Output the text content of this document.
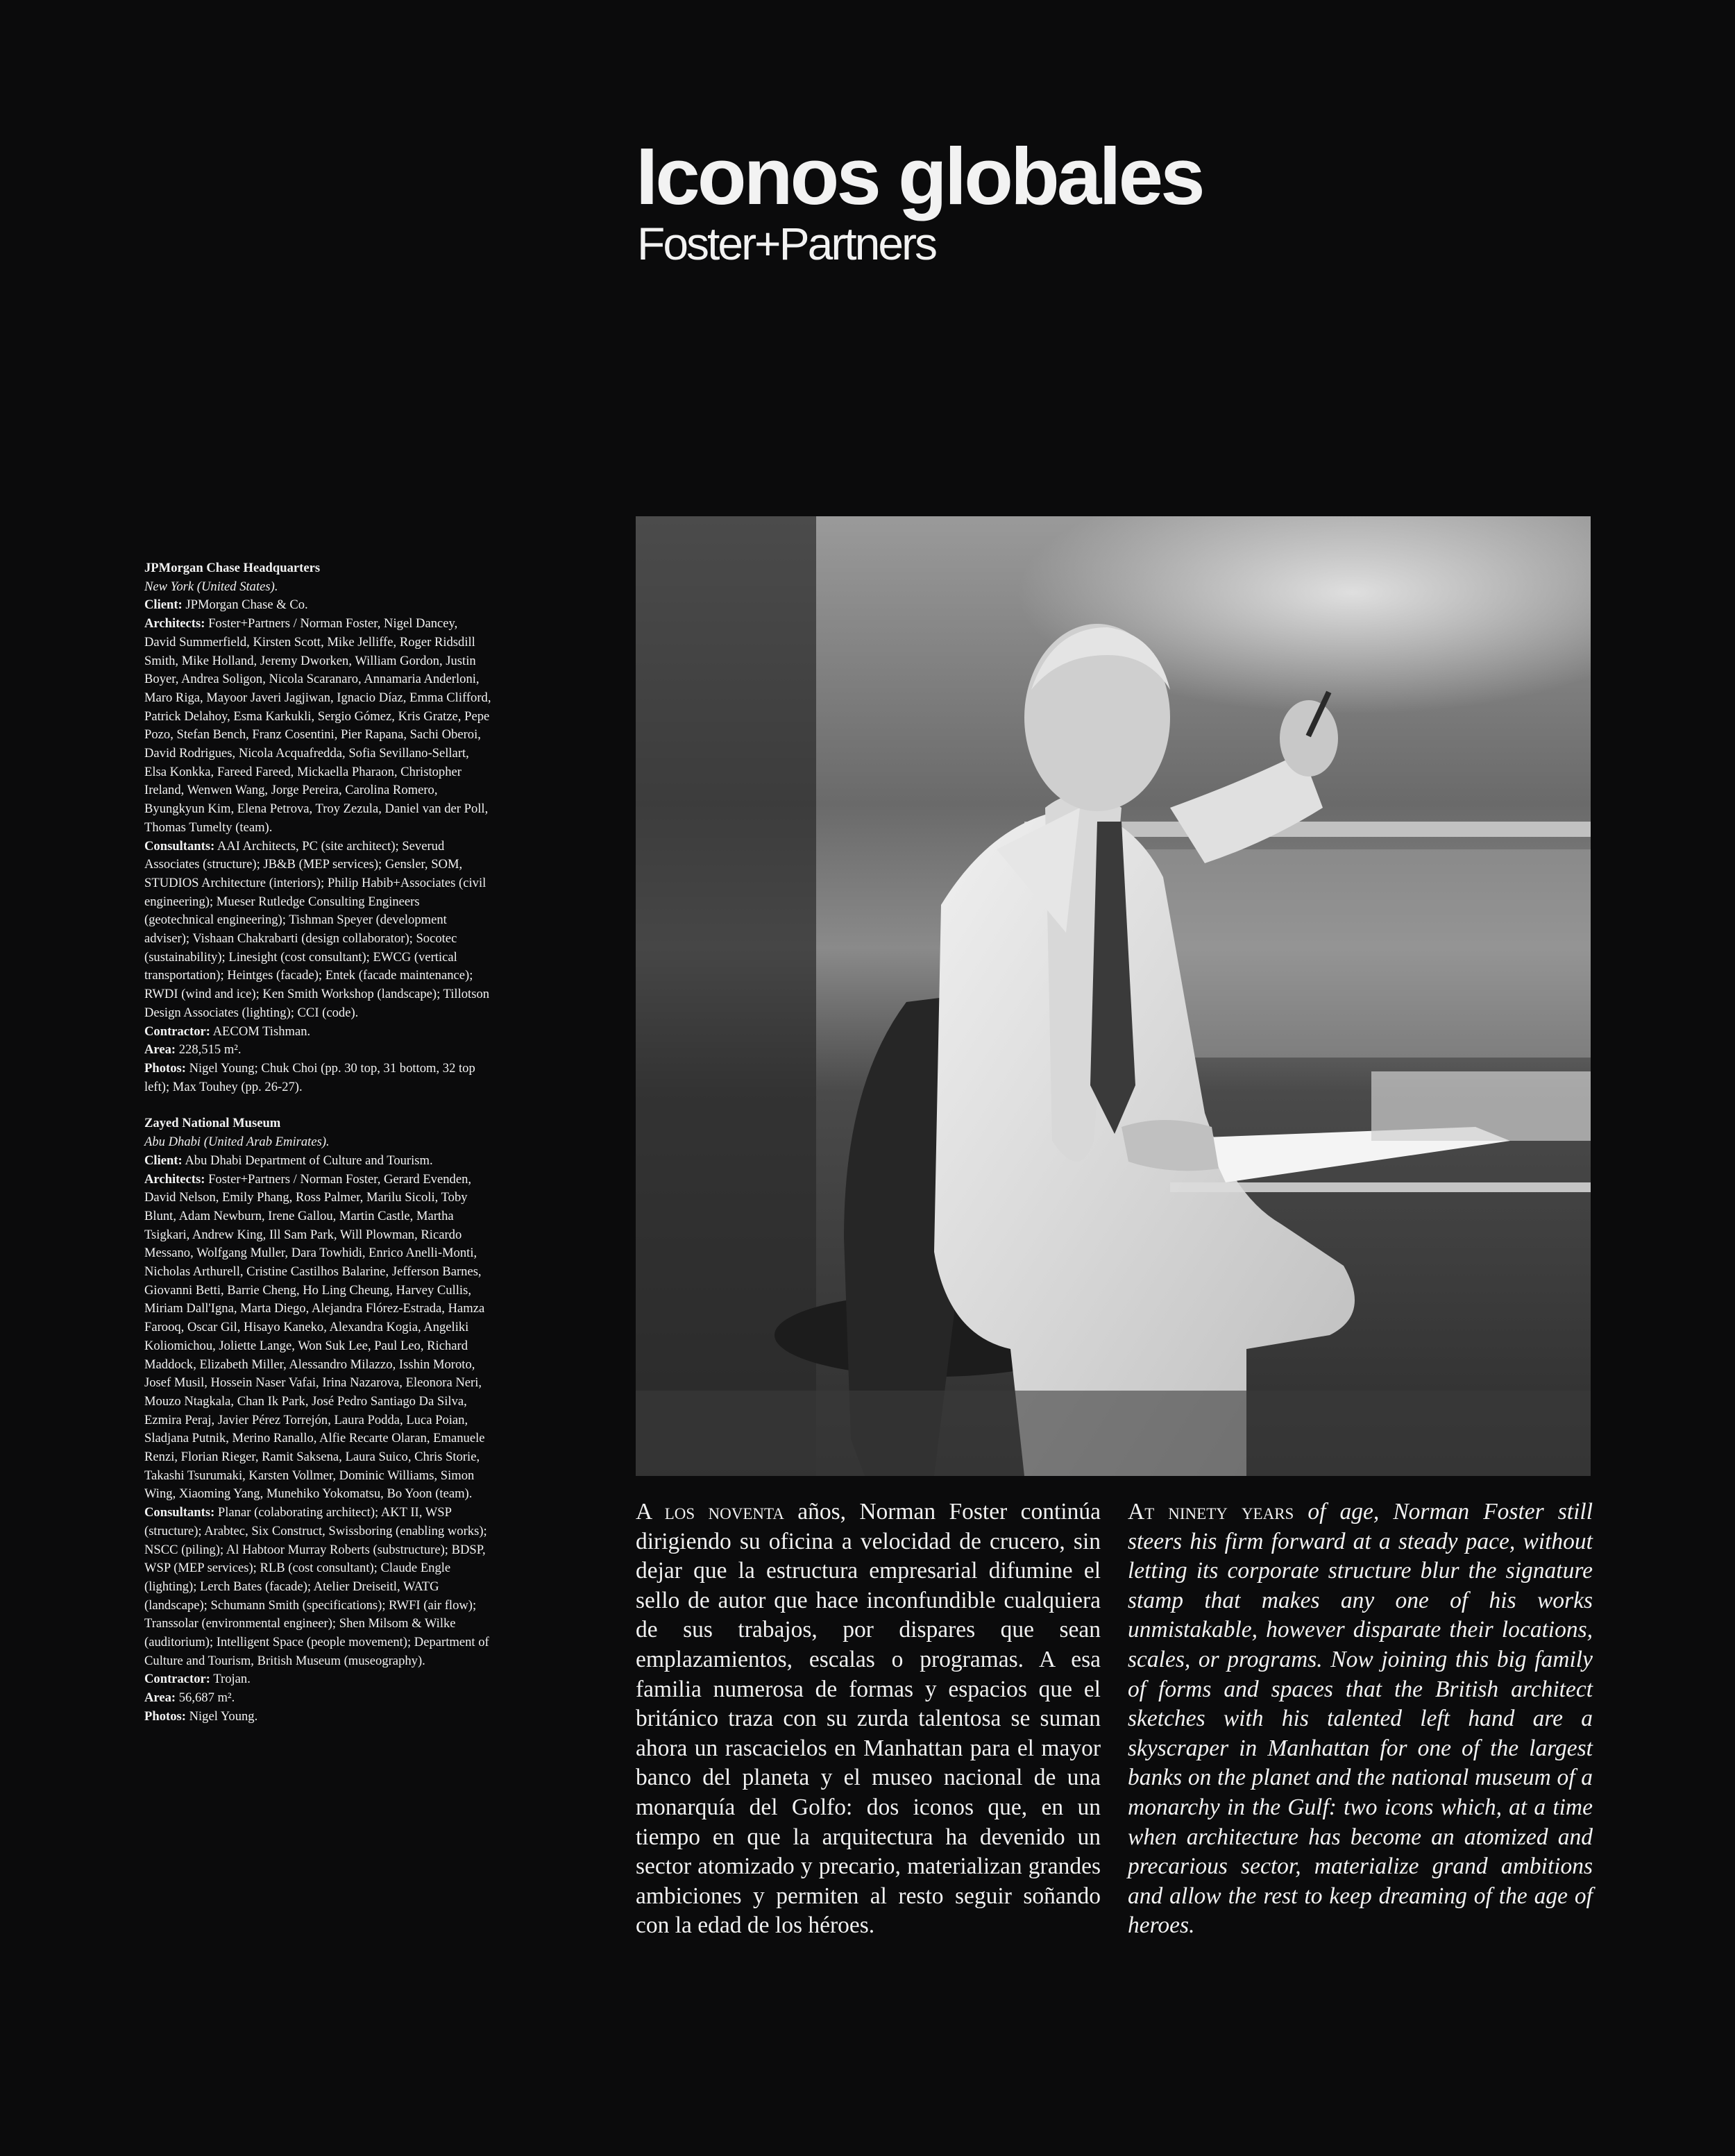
Iconos globales
Foster+Partners

JPMorgan Chase Headquarters

New York (United States).

Client: JPMorgan Chase & Co.

Architects: Foster+Partners / Norman Foster, Nigel Dancey, David Summerfield, Kirsten Scott, Mike Jelliffe, Roger Ridsdill Smith, Mike Holland, Jeremy Dworken, William Gordon, Justin Boyer, Andrea Soligon, Nicola Scaranaro, Annamaria Anderloni, Maro Riga, Mayoor Javeri Jagjiwan, Ignacio Díaz, Emma Clifford, Patrick Delahoy, Esma Karkukli, Sergio Gómez, Kris Gratze, Pepe Pozo, Stefan Bench, Franz Cosentini, Pier Rapana, Sachi Oberoi, David Rodrigues, Nicola Acquafredda, Sofia Sevillano-Sellart, Elsa Konkka, Fareed Fareed, Mickaella Pharaon, Christopher Ireland, Wenwen Wang, Jorge Pereira, Carolina Romero, Byungkyun Kim, Elena Petrova, Troy Zezula, Daniel van der Poll, Thomas Tumelty (team).

Consultants: AAI Architects, PC (site architect); Severud Associates (structure); JB&B (MEP services); Gensler, SOM, STUDIOS Architecture (interiors); Philip Habib+Associates (civil engineering); Mueser Rutledge Consulting Engineers (geotechnical engineering); Tishman Speyer (development adviser); Vishaan Chakrabarti (design collaborator); Socotec (sustainability); Linesight (cost consultant); EWCG (vertical transportation); Heintges (facade); Entek (facade maintenance); RWDI (wind and ice); Ken Smith Workshop (landscape); Tillotson Design Associates (lighting); CCI (code).

Contractor: AECOM Tishman.

Area: 228,515 m².

Photos: Nigel Young; Chuk Choi (pp. 30 top, 31 bottom, 32 top left); Max Touhey (pp. 26-27).

Zayed National Museum

Abu Dhabi (United Arab Emirates).

Client: Abu Dhabi Department of Culture and Tourism.

Architects: Foster+Partners / Norman Foster, Gerard Evenden, David Nelson, Emily Phang, Ross Palmer, Marilu Sicoli, Toby Blunt, Adam Newburn, Irene Gallou, Martin Castle, Martha Tsigkari, Andrew King, Ill Sam Park, Will Plowman, Ricardo Messano, Wolfgang Muller, Dara Towhidi, Enrico Anelli-Monti, Nicholas Arthurell, Cristine Castilhos Balarine, Jefferson Barnes, Giovanni Betti, Barrie Cheng, Ho Ling Cheung, Harvey Cullis, Miriam Dall'Igna, Marta Diego, Alejandra Flórez-Estrada, Hamza Farooq, Oscar Gil, Hisayo Kaneko, Alexandra Kogia, Angeliki Koliomichou, Joliette Lange, Won Suk Lee, Paul Leo, Richard Maddock, Elizabeth Miller, Alessandro Milazzo, Isshin Moroto, Josef Musil, Hossein Naser Vafai, Irina Nazarova, Eleonora Neri, Mouzo Ntagkala, Chan Ik Park, José Pedro Santiago Da Silva, Ezmira Peraj, Javier Pérez Torrejón, Laura Podda, Luca Poian, Sladjana Putnik, Merino Ranallo, Alfie Recarte Olaran, Emanuele Renzi, Florian Rieger, Ramit Saksena, Laura Suico, Chris Storie, Takashi Tsurumaki, Karsten Vollmer, Dominic Williams, Simon Wing, Xiaoming Yang, Munehiko Yokomatsu, Bo Yoon (team).

Consultants: Planar (colaborating architect); AKT II, WSP (structure); Arabtec, Six Construct, Swissboring (enabling works); NSCC (piling); Al Habtoor Murray Roberts (substructure); BDSP, WSP (MEP services); RLB (cost consultant); Claude Engle (lighting); Lerch Bates (facade); Atelier Dreiseitl, WATG (landscape); Schumann Smith (specifications); RWFI (air flow); Transsolar (environmental engineer); Shen Milsom & Wilke (auditorium); Intelligent Space (people movement); Department of Culture and Tourism, British Museum (museography).

Contractor: Trojan.

Area: 56,687 m².

Photos: Nigel Young.

A los noventa años, Norman Foster continúa dirigiendo su oficina a velocidad de crucero, sin dejar que la estructura empresarial difumine el sello de autor que hace inconfundible cualquiera de sus trabajos, por dispares que sean emplazamientos, escalas o programas. A esa familia numerosa de formas y espacios que el británico traza con su zurda talentosa se suman ahora un rascacielos en Manhattan para el mayor banco del planeta y el museo nacional de una monarquía del Golfo: dos iconos que, en un tiempo en que la arquitectura ha devenido un sector atomizado y precario, materializan grandes ambiciones y permiten al resto seguir soñando con la edad de los héroes.

At ninety years of age, Norman Foster still steers his firm forward at a steady pace, without letting its corporate structure blur the signature stamp that makes any one of his works unmistakable, however disparate their locations, scales, or programs. Now joining this big family of forms and spaces that the British architect sketches with his talented left hand are a skyscraper in Manhattan for one of the largest banks on the planet and the national museum of a monarchy in the Gulf: two icons which, at a time when architecture has become an atomized and precarious sector, materialize grand ambitions and allow the rest to keep dreaming of the age of heroes.
